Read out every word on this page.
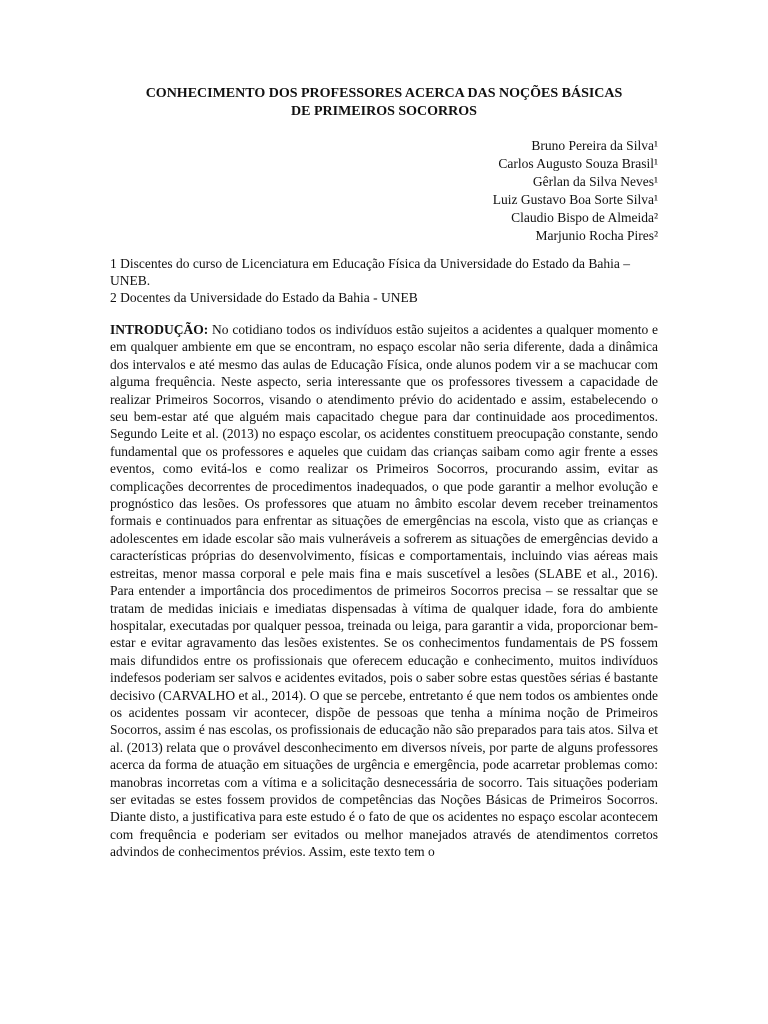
CONHECIMENTO DOS PROFESSORES ACERCA DAS NOÇÕES BÁSICAS
DE PRIMEIROS SOCORROS
Bruno Pereira da Silva¹
Carlos Augusto Souza Brasil¹
Gêrlan da Silva Neves¹
Luiz Gustavo Boa Sorte Silva¹
Claudio Bispo de Almeida²
Marjunio Rocha Pires²

1 Discentes do curso de Licenciatura em Educação Física da Universidade do Estado da Bahia – UNEB.

2 Docentes da Universidade do Estado da Bahia - UNEB

INTRODUÇÃO: No cotidiano todos os indivíduos estão sujeitos a acidentes a qualquer momento e em qualquer ambiente em que se encontram, no espaço escolar não seria diferente, dada a dinâmica dos intervalos e até mesmo das aulas de Educação Física, onde alunos podem vir a se machucar com alguma frequência. Neste aspecto, seria interessante que os professores tivessem a capacidade de realizar Primeiros Socorros, visando o atendimento prévio do acidentado e assim, estabelecendo o seu bem-estar até que alguém mais capacitado chegue para dar continuidade aos procedimentos. Segundo Leite et al. (2013) no espaço escolar, os acidentes constituem preocupação constante, sendo fundamental que os professores e aqueles que cuidam das crianças saibam como agir frente a esses eventos, como evitá-los e como realizar os Primeiros Socorros, procurando assim, evitar as complicações decorrentes de procedimentos inadequados, o que pode garantir a melhor evolução e prognóstico das lesões. Os professores que atuam no âmbito escolar devem receber treinamentos formais e continuados para enfrentar as situações de emergências na escola, visto que as crianças e adolescentes em idade escolar são mais vulneráveis a sofrerem as situações de emergências devido a características próprias do desenvolvimento, físicas e comportamentais, incluindo vias aéreas mais estreitas, menor massa corporal e pele mais fina e mais suscetível a lesões (SLABE et al., 2016). Para entender a importância dos procedimentos de primeiros Socorros precisa – se ressaltar que se tratam de medidas iniciais e imediatas dispensadas à vítima de qualquer idade, fora do ambiente hospitalar, executadas por qualquer pessoa, treinada ou leiga, para garantir a vida, proporcionar bem-estar e evitar agravamento das lesões existentes. Se os conhecimentos fundamentais de PS fossem mais difundidos entre os profissionais que oferecem educação e conhecimento, muitos indivíduos indefesos poderiam ser salvos e acidentes evitados, pois o saber sobre estas questões sérias é bastante decisivo (CARVALHO et al., 2014). O que se percebe, entretanto é que nem todos os ambientes onde os acidentes possam vir acontecer, dispõe de pessoas que tenha a mínima noção de Primeiros Socorros, assim é nas escolas, os profissionais de educação não são preparados para tais atos. Silva et al. (2013) relata que o provável desconhecimento em diversos níveis, por parte de alguns professores acerca da forma de atuação em situações de urgência e emergência, pode acarretar problemas como: manobras incorretas com a vítima e a solicitação desnecessária de socorro. Tais situações poderiam ser evitadas se estes fossem providos de competências das Noções Básicas de Primeiros Socorros. Diante disto, a justificativa para este estudo é o fato de que os acidentes no espaço escolar acontecem com frequência e poderiam ser evitados ou melhor manejados através de atendimentos corretos advindos de conhecimentos prévios. Assim, este texto tem o
